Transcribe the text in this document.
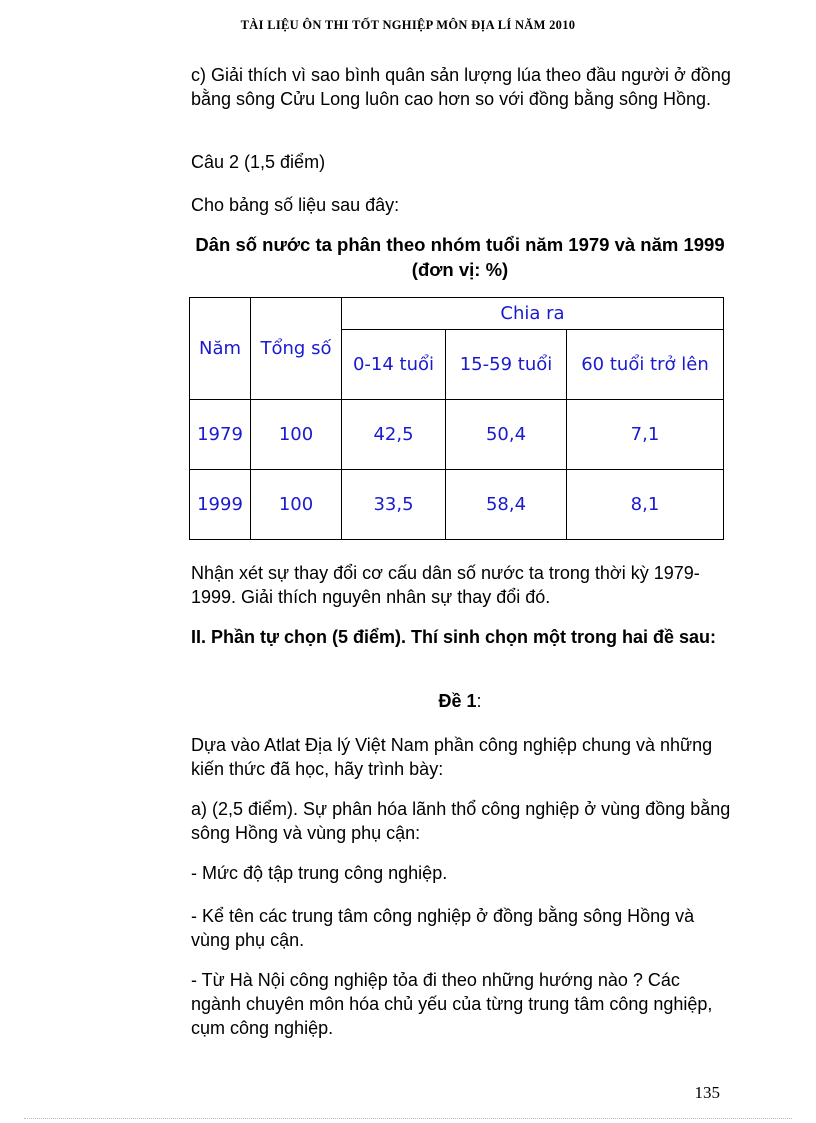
TÀI LIỆU ÔN THI TỐT NGHIỆP MÔN ĐỊA LÍ NĂM 2010
c) Giải thích vì sao bình quân sản lượng lúa theo đầu người ở đồng bằng sông Cửu Long luôn cao hơn so với đồng bằng sông Hồng.
Câu 2 (1,5 điểm)
Cho bảng số liệu sau đây:
Dân số nước ta phân theo nhóm tuổi năm 1979 và năm 1999 (đơn vị: %)
Năm	Tổng số	Chia ra		
		0-14 tuổi	15-59 tuổi	60 tuổi trở lên
1979	100	42,5	50,4	7,1
1999	100	33,5	58,4	8,1
Nhận xét sự thay đổi cơ cấu dân số nước ta trong thời kỳ 1979-1999. Giải thích nguyên nhân sự thay đổi đó.
II. Phần tự chọn (5 điểm). Thí sinh chọn một trong hai đề sau:
Đề 1:
Dựa vào Atlat Địa lý Việt Nam phần công nghiệp chung và những kiến thức đã học, hãy trình bày:
a) (2,5 điểm). Sự phân hóa lãnh thổ công nghiệp ở vùng đồng bằng sông Hồng và vùng phụ cận:
- Mức độ tập trung công nghiệp.
- Kể tên các trung tâm công nghiệp ở đồng bằng sông Hồng và vùng phụ cận.
- Từ Hà Nội công nghiệp tỏa đi theo những hướng nào ? Các ngành chuyên môn hóa chủ yếu của từng trung tâm công nghiệp, cụm công nghiệp.
135
